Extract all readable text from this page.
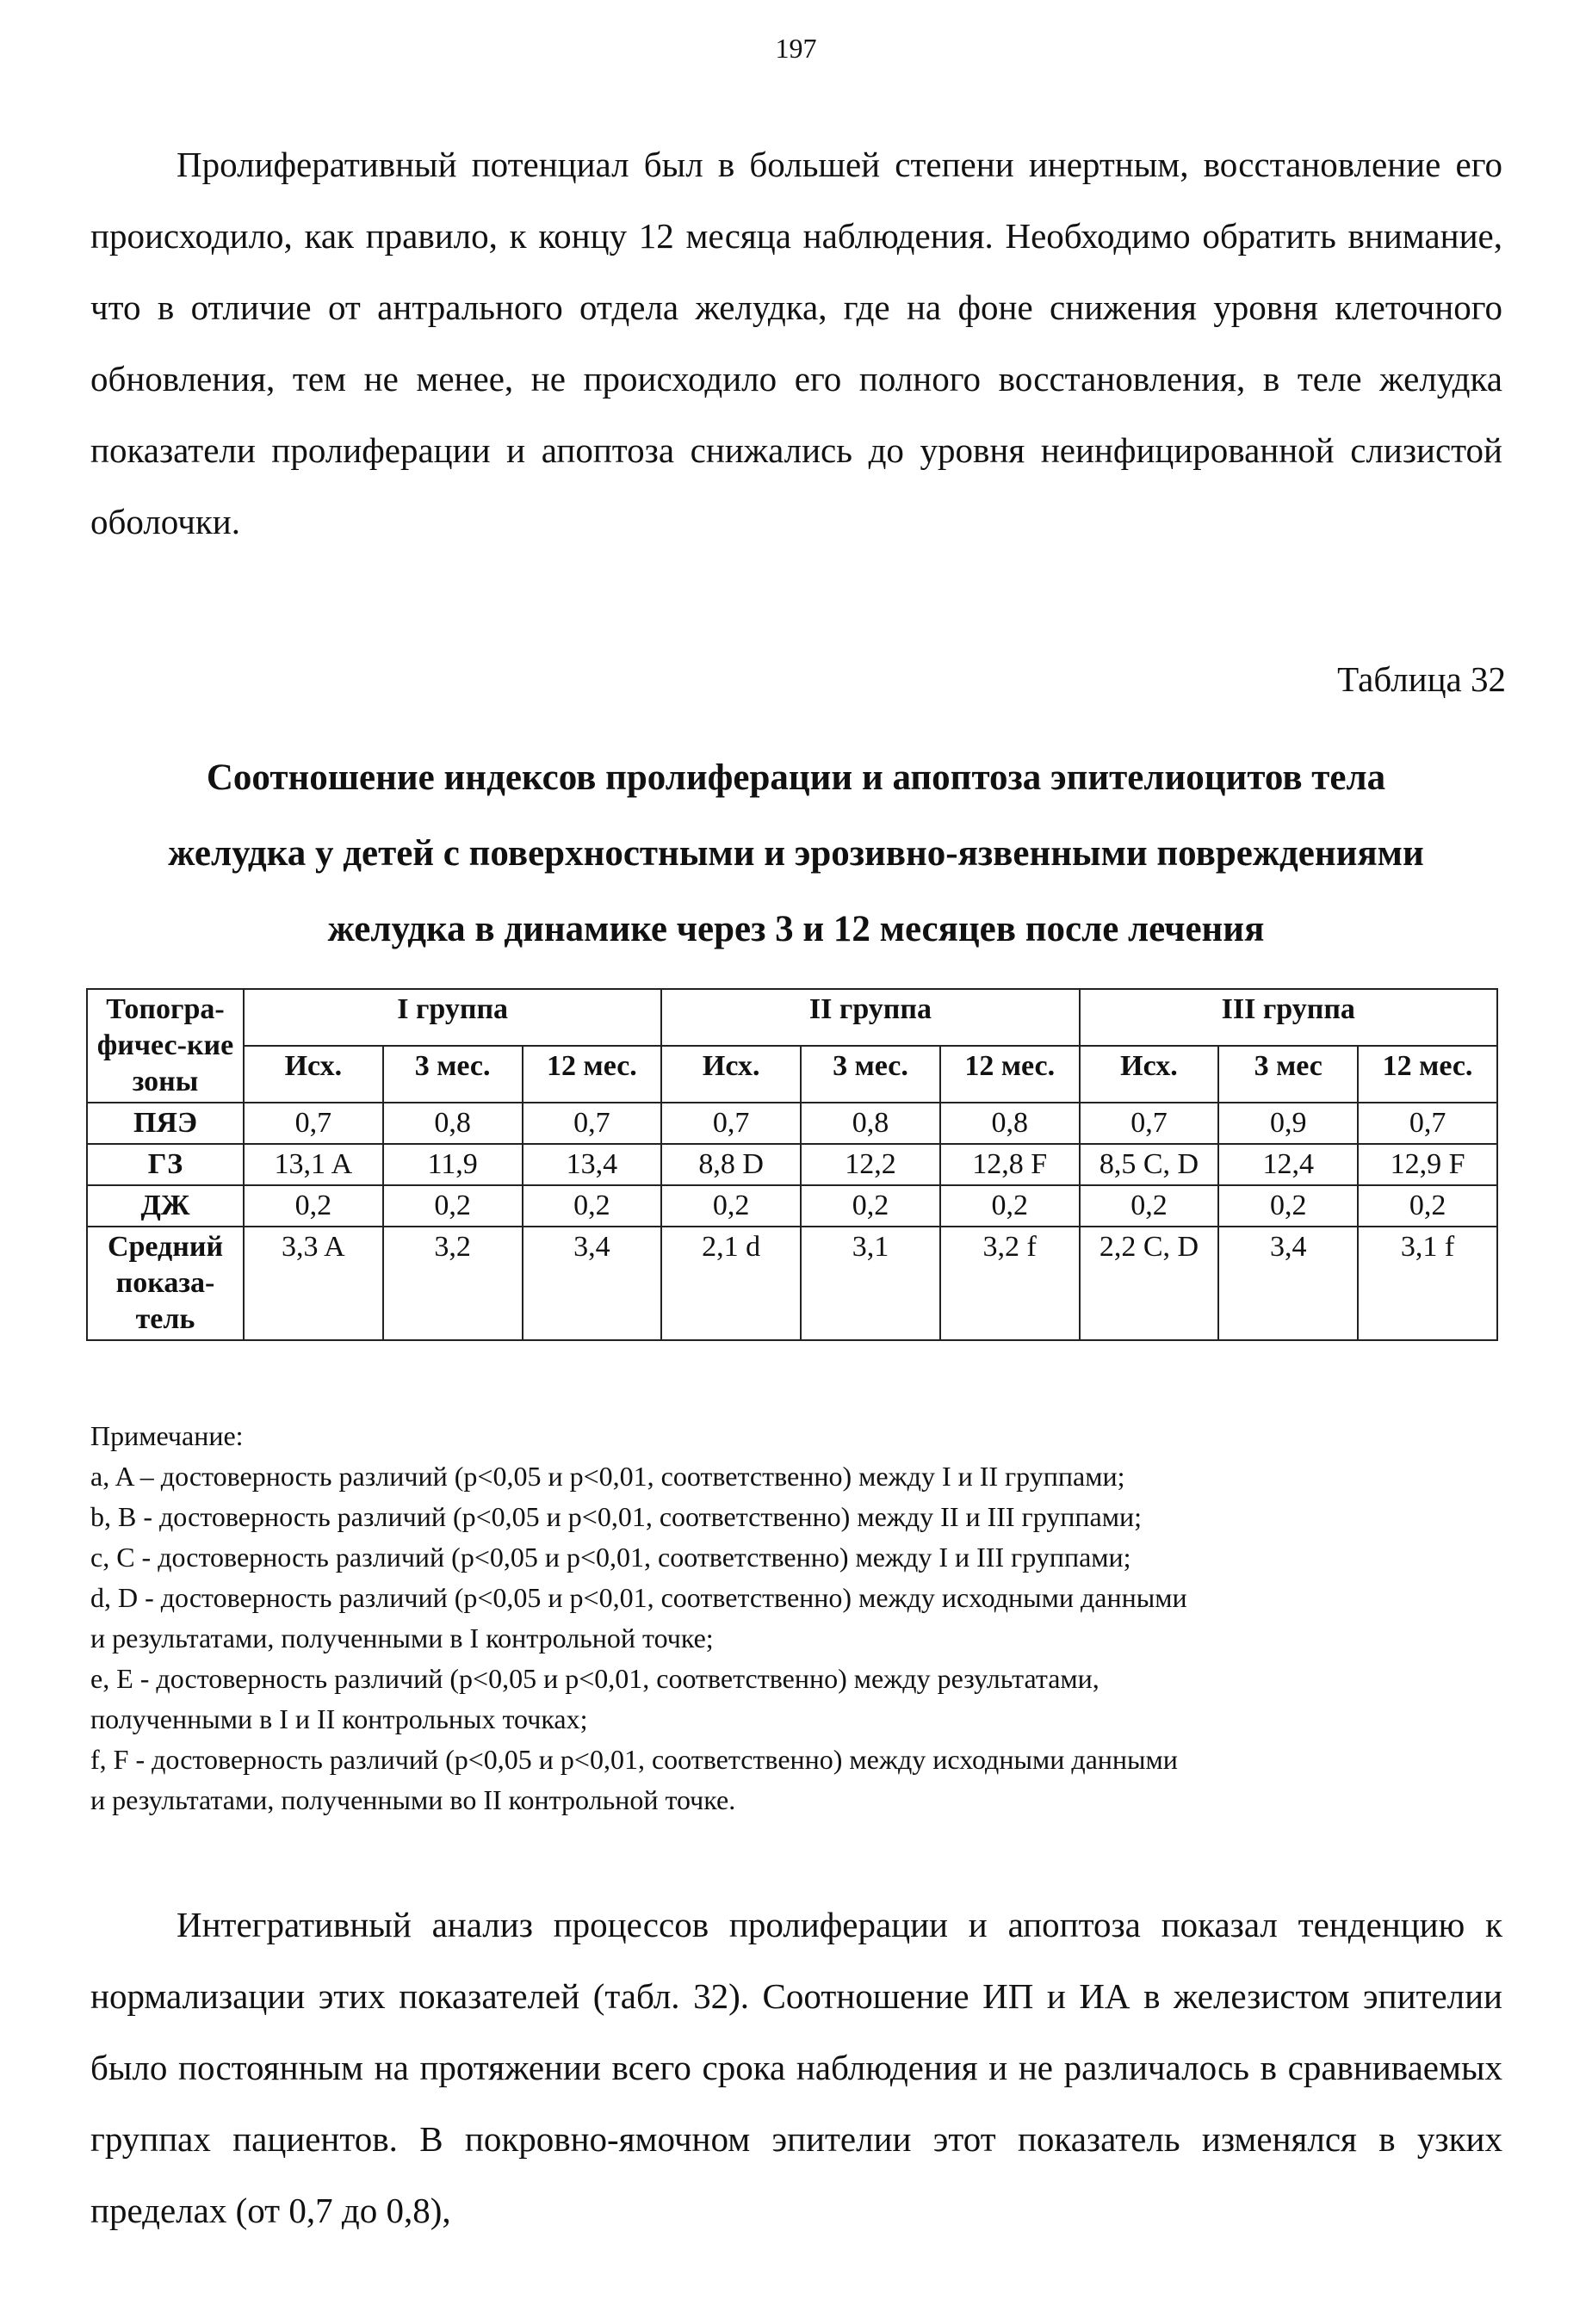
197

Пролиферативный потенциал был в большей степени инертным, восстановление его происходило, как правило, к концу 12 месяца наблюдения. Необходимо обратить внимание, что в отличие от антрального отдела желудка, где на фоне снижения уровня клеточного обновления, тем не менее, не происходило его полного восстановления, в теле желудка показатели пролиферации и апоптоза снижались до уровня неинфицированной слизистой оболочки.

Таблица 32
Соотношение индексов пролиферации и апоптоза эпителиоцитов тела
желудка у детей с поверхностными и эрозивно-язвенными повреждениями
желудка в динамике через 3 и 12 месяцев после лечения
Топогра-фичес-кие зоны	I группа			II группа			III группа		
	Исх.	3 мес.	12 мес.	Исх.	3 мес.	12 мес.	Исх.	3 мес	12 мес.
ПЯЭ	0,7	0,8	0,7	0,7	0,8	0,8	0,7	0,9	0,7
ГЗ	13,1 A	11,9	13,4	8,8 D	12,2	12,8 F	8,5 C, D	12,4	12,9 F
ДЖ	0,2	0,2	0,2	0,2	0,2	0,2	0,2	0,2	0,2
Средний показа-тель	3,3 A	3,2	3,4	2,1 d	3,1	3,2 f	2,2 C, D	3,4	3,1 f
Примечание:
a, A – достоверность различий (p<0,05 и p<0,01, соответственно) между I и II группами;
b, B - достоверность различий (p<0,05 и p<0,01, соответственно) между II и III группами;
c, C - достоверность различий (p<0,05 и p<0,01, соответственно) между I и III группами;
d, D - достоверность различий (p<0,05 и p<0,01, соответственно) между исходными данными
и результатами, полученными в I контрольной точке;
e, E - достоверность различий (p<0,05 и p<0,01, соответственно) между результатами,
полученными в I и II контрольных точках;
f, F - достоверность различий (p<0,05 и p<0,01, соответственно) между исходными данными
и результатами, полученными во II контрольной точке.

Интегративный анализ процессов пролиферации и апоптоза показал тенденцию к нормализации этих показателей (табл. 32). Соотношение ИП и ИА в железистом эпителии было постоянным на протяжении всего срока наблюдения и не различалось в сравниваемых группах пациентов. В покровно-ямочном эпителии этот показатель изменялся в узких пределах (от 0,7 до 0,8),
